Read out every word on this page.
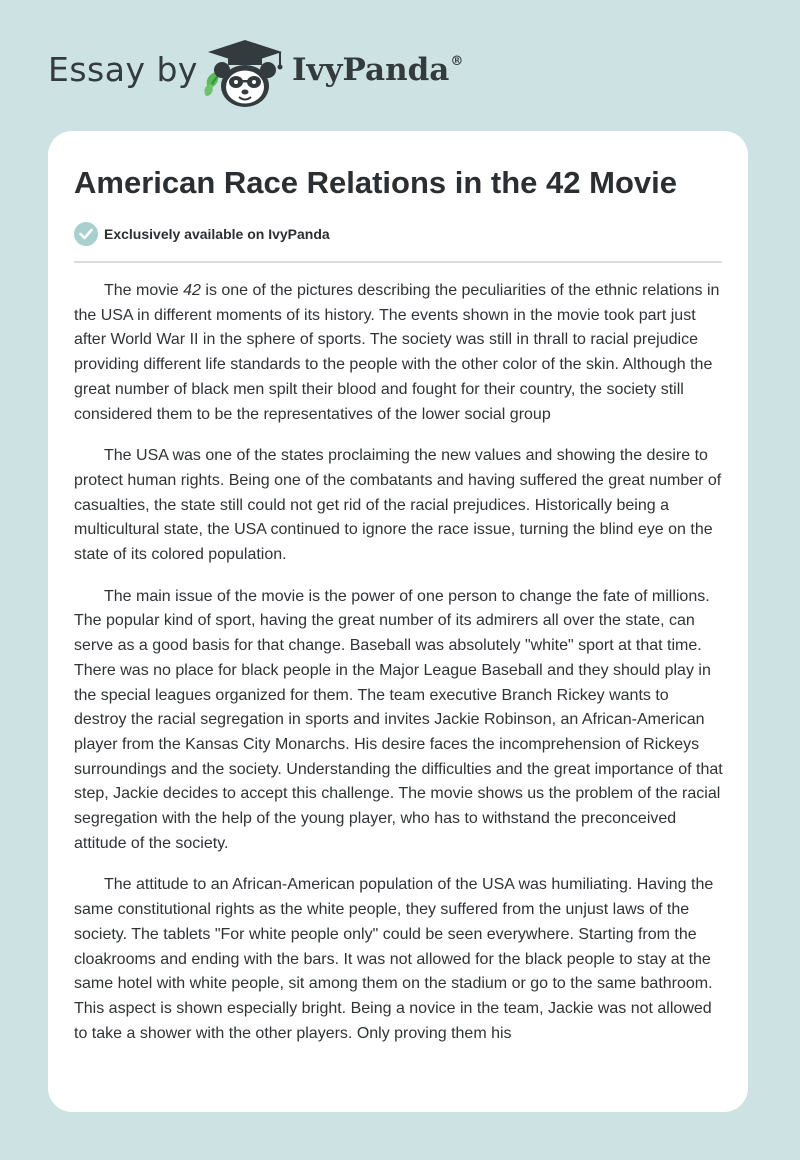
Essay by	IvyPanda®
American Race Relations in the 42 Movie
Exclusively available on IvyPanda

The movie 42 is one of the pictures describing the peculiarities of the ethnic relations in the USA in different moments of its history. The events shown in the movie took part just after World War II in the sphere of sports. The society was still in thrall to racial prejudice providing different life standards to the people with the other color of the skin. Although the great number of black men spilt their blood and fought for their country, the society still considered them to be the representatives of the lower social group

The USA was one of the states proclaiming the new values and showing the desire to protect human rights. Being one of the combatants and having suffered the great number of casualties, the state still could not get rid of the racial prejudices. Historically being a multicultural state, the USA continued to ignore the race issue, turning the blind eye on the state of its colored population.

The main issue of the movie is the power of one person to change the fate of millions. The popular kind of sport, having the great number of its admirers all over the state, can serve as a good basis for that change. Baseball was absolutely "white" sport at that time. There was no place for black people in the Major League Baseball and they should play in the special leagues organized for them. The team executive Branch Rickey wants to destroy the racial segregation in sports and invites Jackie Robinson, an African-American player from the Kansas City Monarchs. His desire faces the incomprehension of Rickeys surroundings and the society. Understanding the difficulties and the great importance of that step, Jackie decides to accept this challenge. The movie shows us the problem of the racial segregation with the help of the young player, who has to withstand the preconceived attitude of the society.

The attitude to an African-American population of the USA was humiliating. Having the same constitutional rights as the white people, they suffered from the unjust laws of the society. The tablets "For white people only" could be seen everywhere. Starting from the cloakrooms and ending with the bars. It was not allowed for the black people to stay at the same hotel with white people, sit among them on the stadium or go to the same bathroom. This aspect is shown especially bright. Being a novice in the team, Jackie was not allowed to take a shower with the other players. Only proving them his
